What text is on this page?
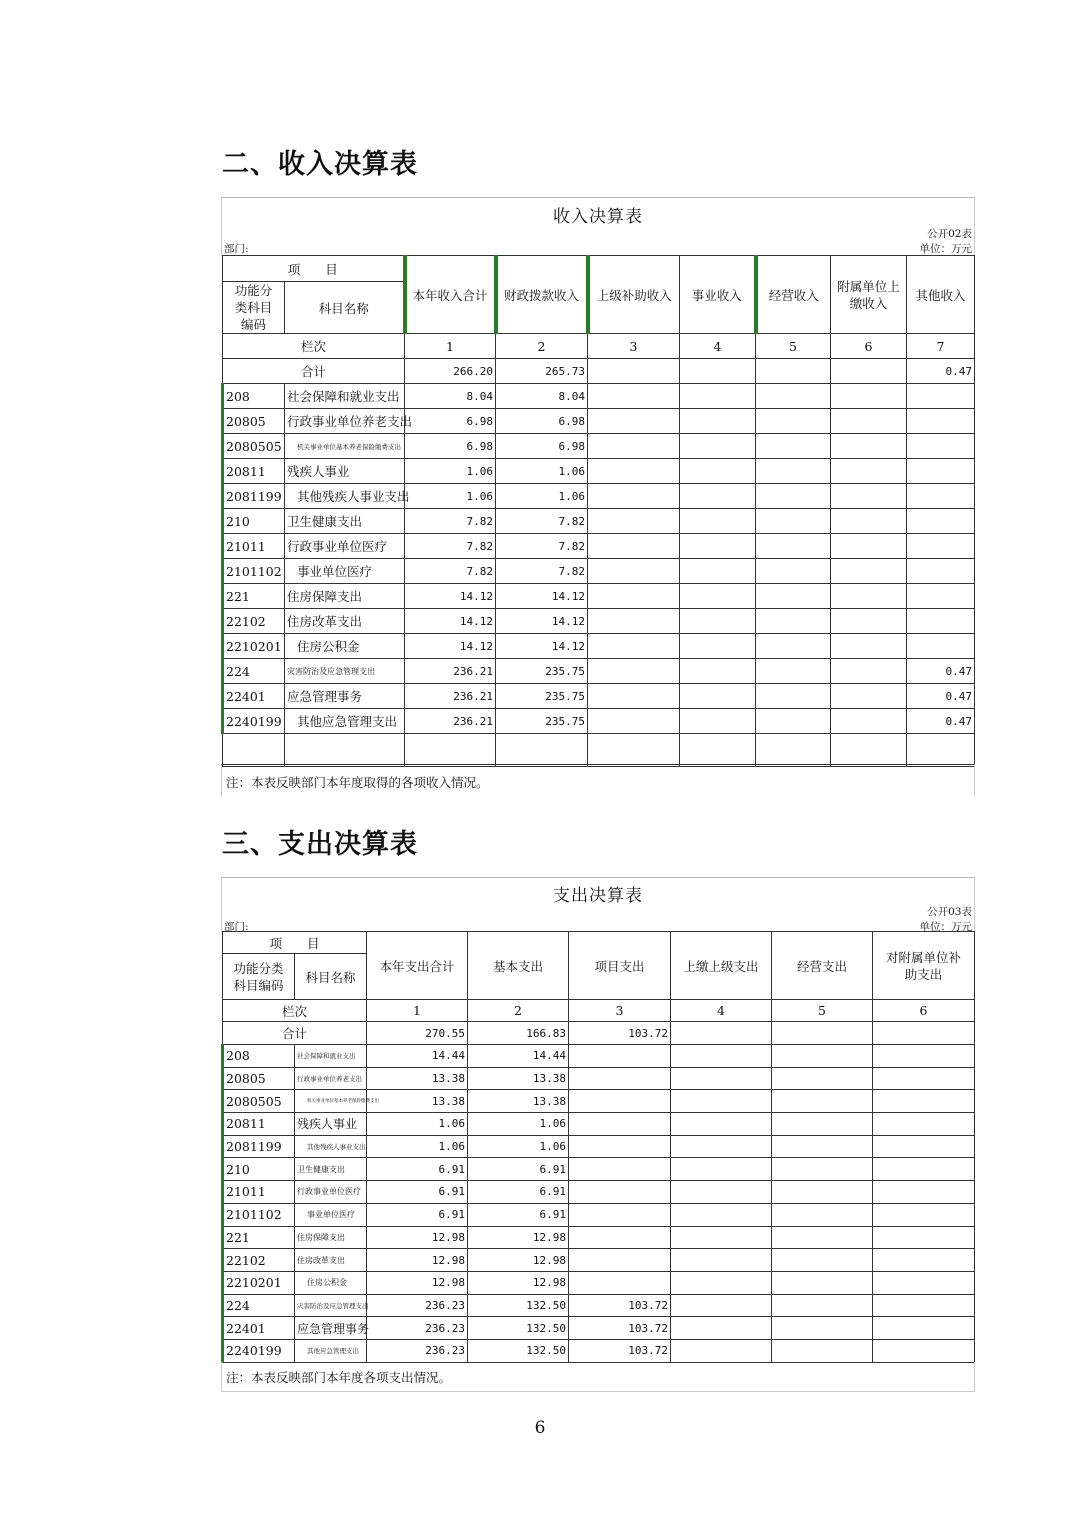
二、收入决算表
收入决算表
公开02表
部门:	单位：万元
项　　目		本年收入合计	财政拨款收入	上级补助收入	事业收入	经营收入	附属单位上缴收入	其他收入
功能分类科目编码	科目名称							
栏次		1	2	3	4	5	6	7
合计		266.20	265.73					0.47
208	社会保障和就业支出	8.04	8.04					
20805	行政事业单位养老支出	6.98	6.98					
2080505	机关事业单位基本养老保险缴费支出	6.98	6.98					
20811	残疾人事业	1.06	1.06					
2081199	其他残疾人事业支出	1.06	1.06					
210	卫生健康支出	7.82	7.82					
21011	行政事业单位医疗	7.82	7.82					
2101102	事业单位医疗	7.82	7.82					
221	住房保障支出	14.12	14.12					
22102	住房改革支出	14.12	14.12					
2210201	住房公积金	14.12	14.12					
224	灾害防治及应急管理支出	236.21	235.75					0.47
22401	应急管理事务	236.21	235.75					0.47
2240199	其他应急管理支出	236.21	235.75					0.47

注：本表反映部门本年度取得的各项收入情况。
三、支出决算表
支出决算表
公开03表
部门:	单位：万元
项　　目		本年支出合计	基本支出	项目支出	上缴上级支出	经营支出	对附属单位补助支出
功能分类科目编码	科目名称						
栏次		1	2	3	4	5	6
合计		270.55	166.83	103.72			
208	社会保障和就业支出	14.44	14.44				
20805	行政事业单位养老支出	13.38	13.38				
2080505	机关事业单位基本养老保险缴费支出	13.38	13.38				
20811	残疾人事业	1.06	1.06				
2081199	其他残疾人事业支出	1.06	1.06				
210	卫生健康支出	6.91	6.91				
21011	行政事业单位医疗	6.91	6.91				
2101102	事业单位医疗	6.91	6.91				
221	住房保障支出	12.98	12.98				
22102	住房改革支出	12.98	12.98				
2210201	住房公积金	12.98	12.98				
224	灾害防治及应急管理支出	236.23	132.50	103.72			
22401	应急管理事务	236.23	132.50	103.72			
2240199	其他应急管理支出	236.23	132.50	103.72			
注：本表反映部门本年度各项支出情况。
6
